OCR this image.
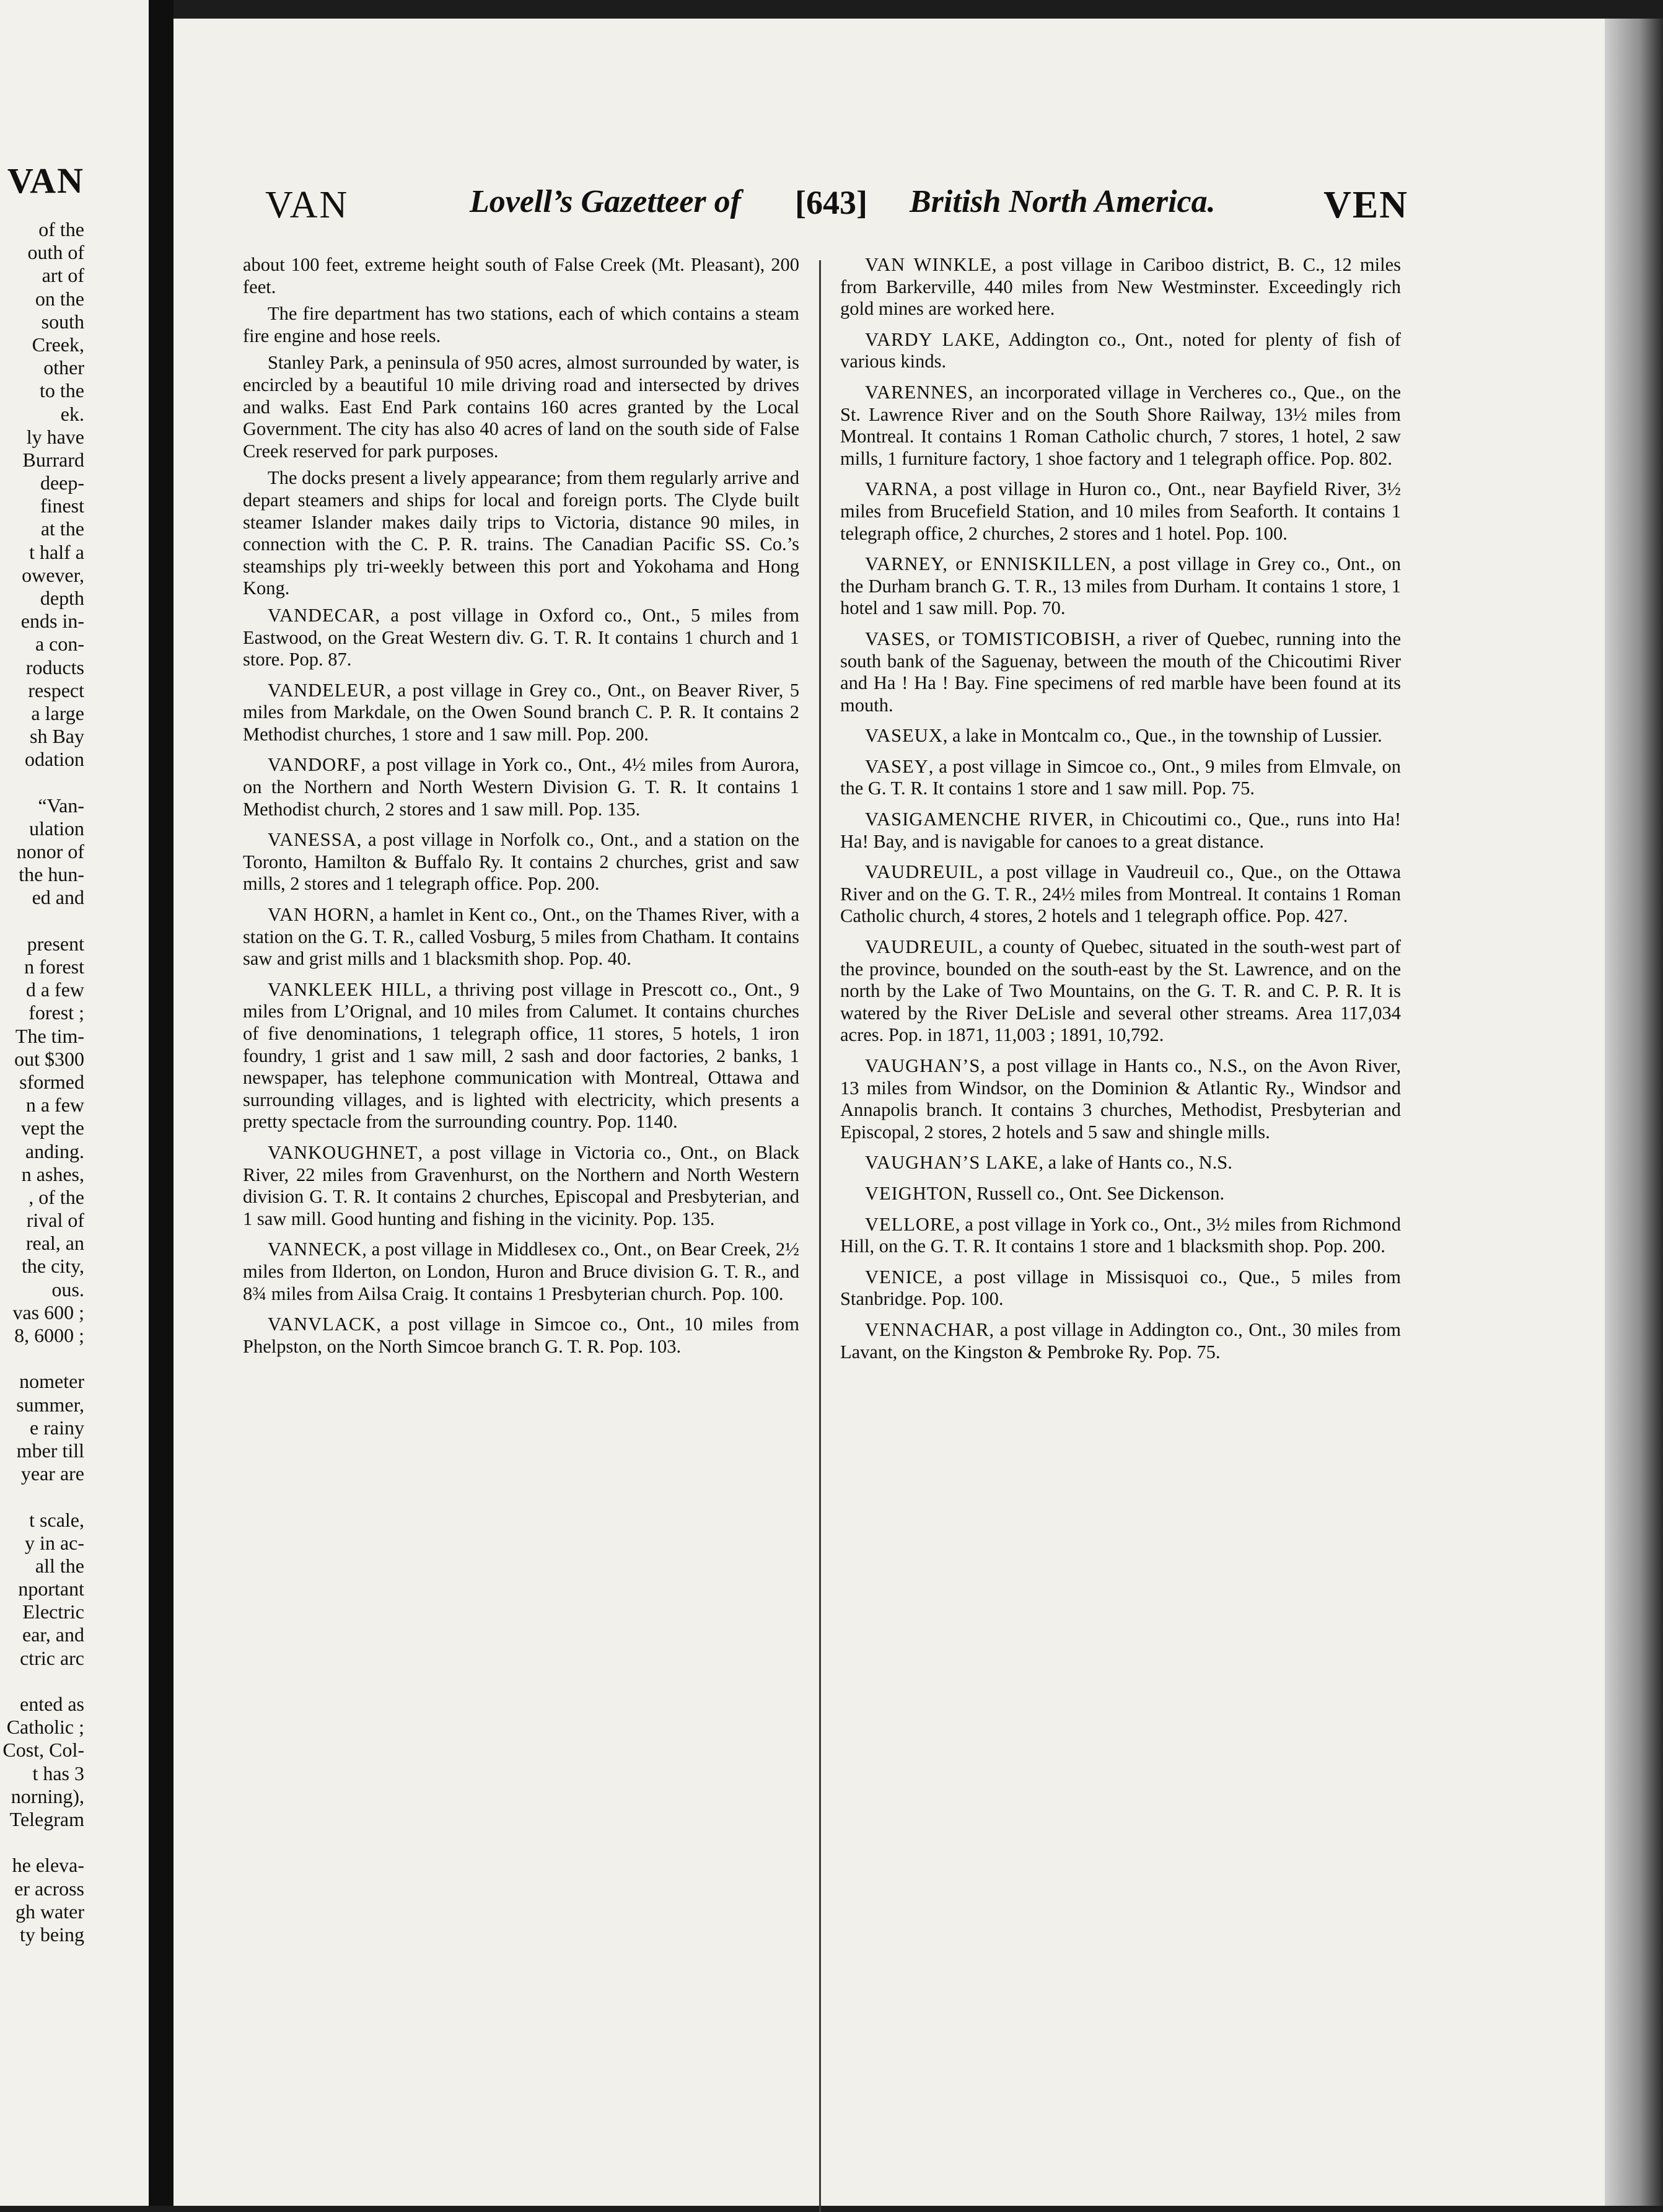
VAN
of the
outh of
art of
on the
south
Creek,
other
to the
ek.
ly have
Burrard
deep-
finest
at the
t half a
owever,
depth
ends in-
a con-
roducts
respect
a large
sh Bay
odation
“Van-
ulation
nonor of
the hun-
ed and
present
n forest
d a few
forest ;
The tim-
out $300
sformed
n a few
vept the
anding.
n ashes,
, of the
rival of
real, an
the city,
ous.
vas 600 ;
8, 6000 ;
nometer
summer,
e rainy
mber till
year are
t scale,
y in ac-
all the
nportant
Electric
ear, and
ctric arc
ented as
Catholic ;
Cost, Col-
t has 3
norning),
Telegram
he eleva-
er across
gh water
ty being
VAN	Lovell’s Gazetteer of [643] British North America.	VEN

about 100 feet, extreme height south of False Creek (Mt. Pleasant), 200 feet.

The fire department has two stations, each of which contains a steam fire engine and hose reels.

Stanley Park, a peninsula of 950 acres, almost surrounded by water, is encircled by a beautiful 10 mile driving road and intersected by drives and walks. East End Park contains 160 acres granted by the Local Government. The city has also 40 acres of land on the south side of False Creek reserved for park purposes.

The docks present a lively appearance; from them regularly arrive and depart steamers and ships for local and foreign ports. The Clyde built steamer Islander makes daily trips to Victoria, distance 90 miles, in connection with the C. P. R. trains. The Canadian Pacific SS. Co.’s steamships ply tri-weekly between this port and Yokohama and Hong Kong.

VANDECAR, a post village in Oxford co., Ont., 5 miles from Eastwood, on the Great Western div. G. T. R. It contains 1 church and 1 store. Pop. 87.

VANDELEUR, a post village in Grey co., Ont., on Beaver River, 5 miles from Markdale, on the Owen Sound branch C. P. R. It contains 2 Methodist churches, 1 store and 1 saw mill. Pop. 200.

VANDORF, a post village in York co., Ont., 4½ miles from Aurora, on the Northern and North Western Division G. T. R. It contains 1 Methodist church, 2 stores and 1 saw mill. Pop. 135.

VANESSA, a post village in Norfolk co., Ont., and a station on the Toronto, Hamilton & Buffalo Ry. It contains 2 churches, grist and saw mills, 2 stores and 1 telegraph office. Pop. 200.

VAN HORN, a hamlet in Kent co., Ont., on the Thames River, with a station on the G. T. R., called Vosburg, 5 miles from Chatham. It contains saw and grist mills and 1 blacksmith shop. Pop. 40.

VANKLEEK HILL, a thriving post village in Prescott co., Ont., 9 miles from L’Orignal, and 10 miles from Calumet. It contains churches of five denominations, 1 telegraph office, 11 stores, 5 hotels, 1 iron foundry, 1 grist and 1 saw mill, 2 sash and door factories, 2 banks, 1 newspaper, has telephone communication with Montreal, Ottawa and surrounding villages, and is lighted with electricity, which presents a pretty spectacle from the surrounding country. Pop. 1140.

VANKOUGHNET, a post village in Victoria co., Ont., on Black River, 22 miles from Gravenhurst, on the Northern and North Western division G. T. R. It contains 2 churches, Episcopal and Presbyterian, and 1 saw mill. Good hunting and fishing in the vicinity. Pop. 135.

VANNECK, a post village in Middlesex co., Ont., on Bear Creek, 2½ miles from Ilderton, on London, Huron and Bruce division G. T. R., and 8¾ miles from Ailsa Craig. It contains 1 Presbyterian church. Pop. 100.

VANVLACK, a post village in Simcoe co., Ont., 10 miles from Phelpston, on the North Simcoe branch G. T. R. Pop. 103.

VAN WINKLE, a post village in Cariboo district, B. C., 12 miles from Barkerville, 440 miles from New Westminster. Exceedingly rich gold mines are worked here.

VARDY LAKE, Addington co., Ont., noted for plenty of fish of various kinds.

VARENNES, an incorporated village in Vercheres co., Que., on the St. Lawrence River and on the South Shore Railway, 13½ miles from Montreal. It contains 1 Roman Catholic church, 7 stores, 1 hotel, 2 saw mills, 1 furniture factory, 1 shoe factory and 1 telegraph office. Pop. 802.

VARNA, a post village in Huron co., Ont., near Bayfield River, 3½ miles from Brucefield Station, and 10 miles from Seaforth. It contains 1 telegraph office, 2 churches, 2 stores and 1 hotel. Pop. 100.

VARNEY, or ENNISKILLEN, a post village in Grey co., Ont., on the Durham branch G. T. R., 13 miles from Durham. It contains 1 store, 1 hotel and 1 saw mill. Pop. 70.

VASES, or TOMISTICOBISH, a river of Quebec, running into the south bank of the Saguenay, between the mouth of the Chicoutimi River and Ha ! Ha ! Bay. Fine specimens of red marble have been found at its mouth.

VASEUX, a lake in Montcalm co., Que., in the township of Lussier.

VASEY, a post village in Simcoe co., Ont., 9 miles from Elmvale, on the G. T. R. It contains 1 store and 1 saw mill. Pop. 75.

VASIGAMENCHE RIVER, in Chicoutimi co., Que., runs into Ha! Ha! Bay, and is navigable for canoes to a great distance.

VAUDREUIL, a post village in Vaudreuil co., Que., on the Ottawa River and on the G. T. R., 24½ miles from Montreal. It contains 1 Roman Catholic church, 4 stores, 2 hotels and 1 telegraph office. Pop. 427.

VAUDREUIL, a county of Quebec, situated in the south-west part of the province, bounded on the south-east by the St. Lawrence, and on the north by the Lake of Two Mountains, on the G. T. R. and C. P. R. It is watered by the River DeLisle and several other streams. Area 117,034 acres. Pop. in 1871, 11,003 ; 1891, 10,792.

VAUGHAN’S, a post village in Hants co., N.S., on the Avon River, 13 miles from Windsor, on the Dominion & Atlantic Ry., Windsor and Annapolis branch. It contains 3 churches, Methodist, Presbyterian and Episcopal, 2 stores, 2 hotels and 5 saw and shingle mills.

VAUGHAN’S LAKE, a lake of Hants co., N.S.

VEIGHTON, Russell co., Ont. See Dickenson.

VELLORE, a post village in York co., Ont., 3½ miles from Richmond Hill, on the G. T. R. It contains 1 store and 1 blacksmith shop. Pop. 200.

VENICE, a post village in Missisquoi co., Que., 5 miles from Stanbridge. Pop. 100.

VENNACHAR, a post village in Addington co., Ont., 30 miles from Lavant, on the Kingston & Pembroke Ry. Pop. 75.
